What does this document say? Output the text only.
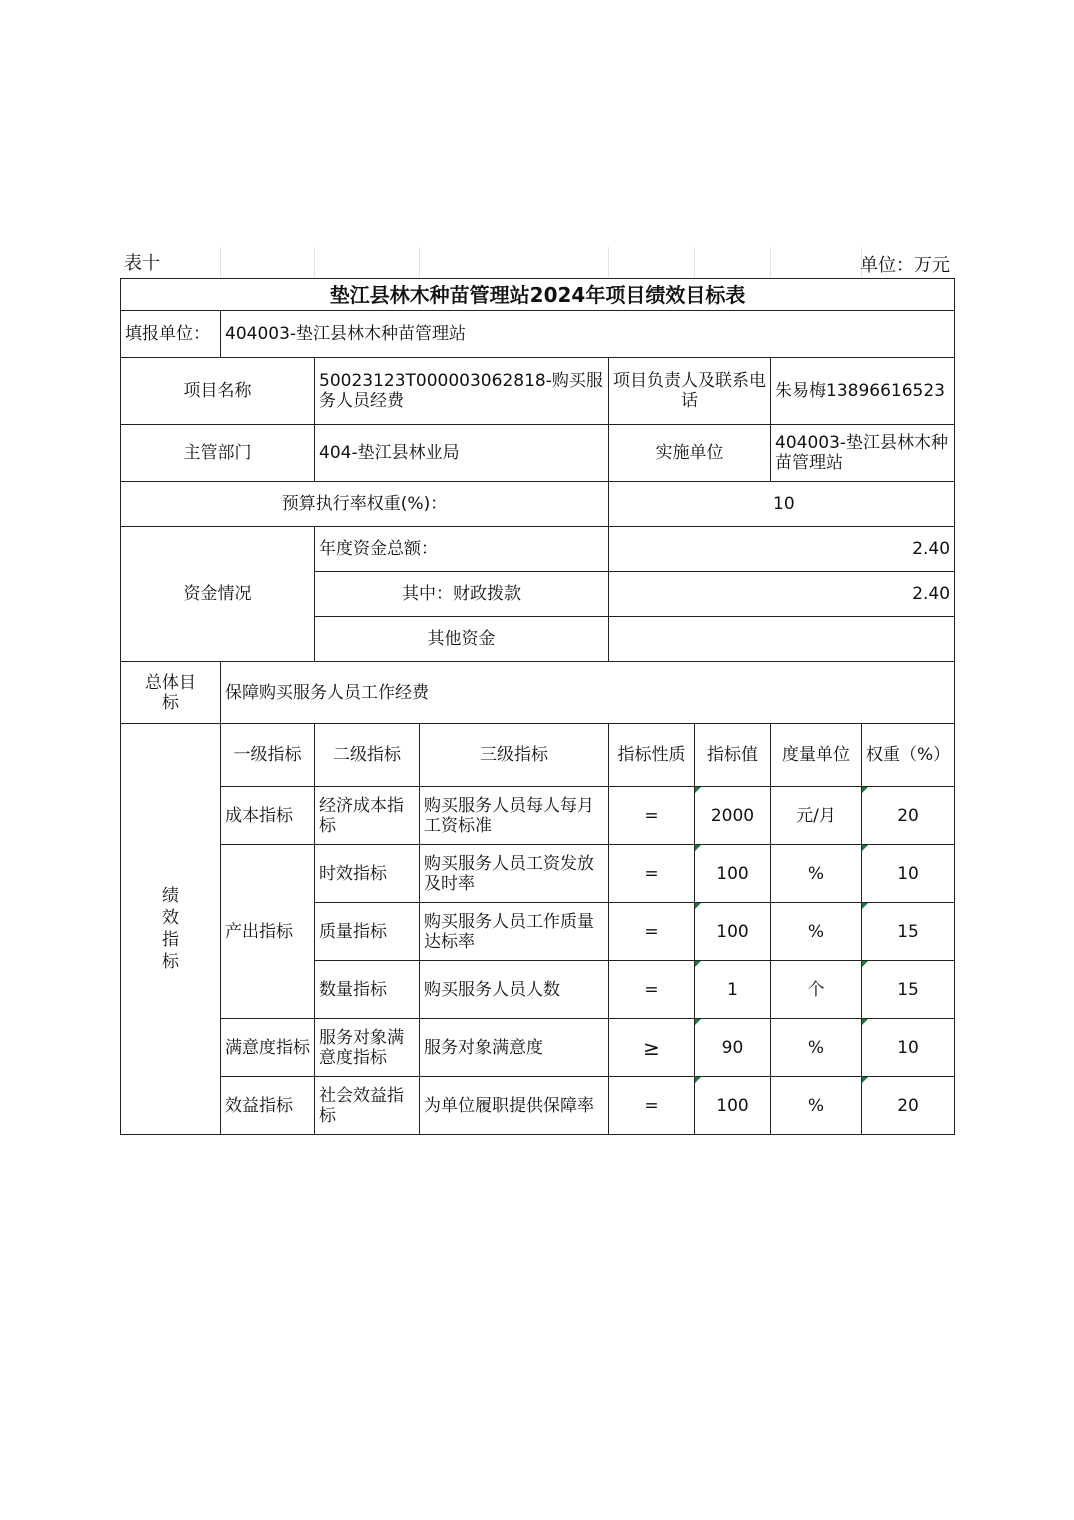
表十	单位：万元
垫江县林木种苗管理站2024年项目绩效目标表							
填报单位：	404003-垫江县林木种苗管理站						
项目名称		50023123T000003062818-购买服务人员经费		项目负责人及联系电话		朱易梅13896616523	
主管部门		404-垫江县林业局		实施单位		404003-垫江县林木种苗管理站	
预算执行率权重(%)：				10			
资金情况		年度资金总额：		2.40			
		其中：财政拨款		2.40			
		其他资金					
总体目标	保障购买服务人员工作经费						
绩效指标	一级指标	二级指标	三级指标	指标性质	指标值	度量单位	权重（%）
	成本指标	经济成本指标	购买服务人员每人每月工资标准	=	2000	元/月	20
	产出指标	时效指标	购买服务人员工资发放及时率	=	100	%	10
		质量指标	购买服务人员工作质量达标率	=	100	%	15
		数量指标	购买服务人员人数	=	1	个	15
	满意度指标	服务对象满意度指标	服务对象满意度	≥	90	%	10
	效益指标	社会效益指标	为单位履职提供保障率	=	100	%	20
